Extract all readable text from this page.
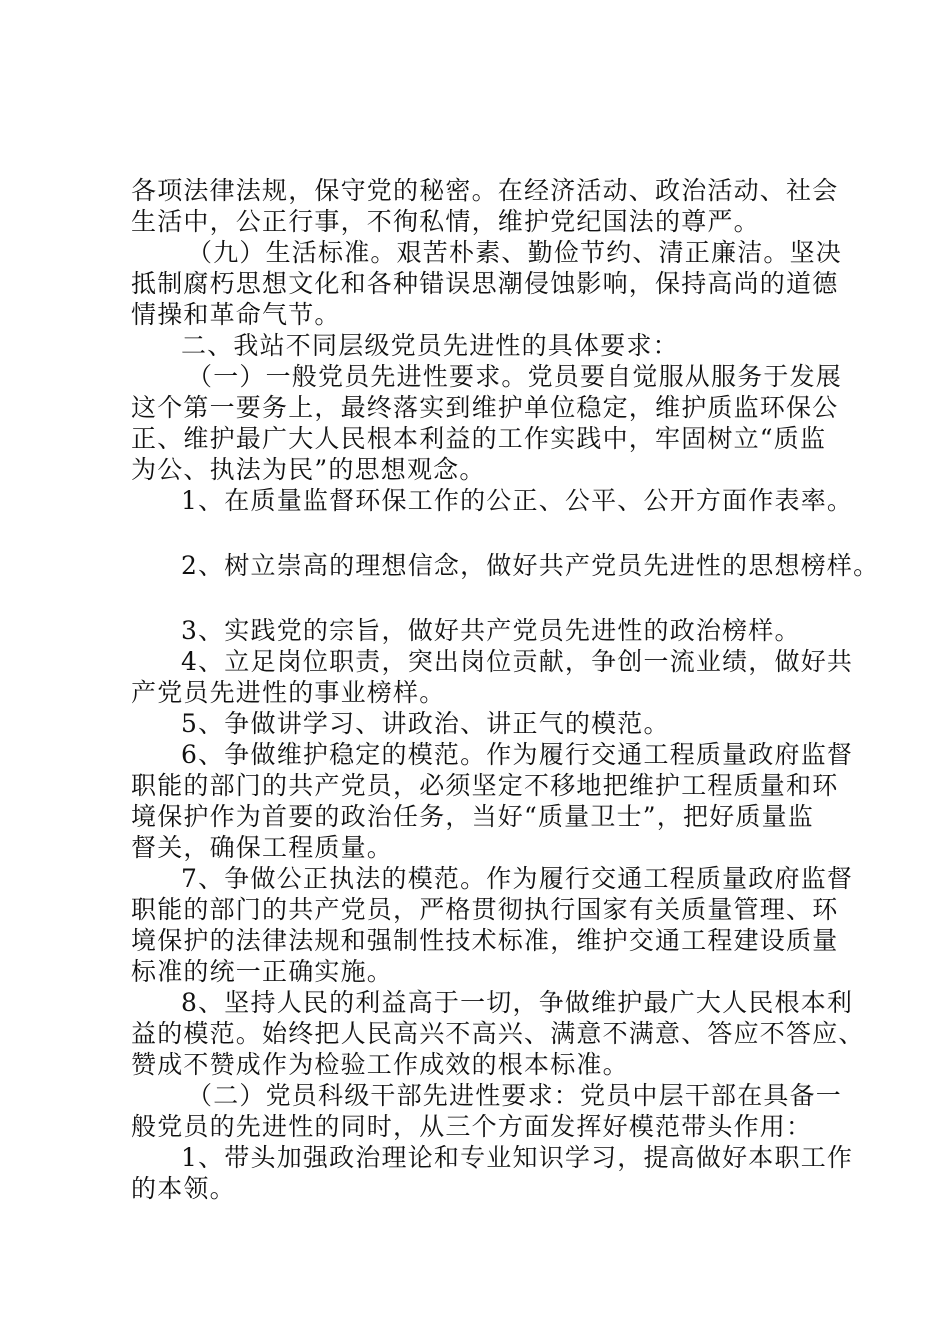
各项法律法规，保守党的秘密。在经济活动、政治活动、社会
生活中，公正行事，不徇私情，维护党纪国法的尊严。
（九）生活标准。艰苦朴素、勤俭节约、清正廉洁。坚决
抵制腐朽思想文化和各种错误思潮侵蚀影响，保持高尚的道德
情操和革命气节。
二、我站不同层级党员先进性的具体要求：
（一）一般党员先进性要求。党员要自觉服从服务于发展
这个第一要务上，最终落实到维护单位稳定，维护质监环保公
正、维护最广大人民根本利益的工作实践中，牢固树立“质监
为公、执法为民”的思想观念。
1、在质量监督环保工作的公正、公平、公开方面作表率。
2、树立崇高的理想信念，做好共产党员先进性的思想榜样。
3、实践党的宗旨，做好共产党员先进性的政治榜样。
4、立足岗位职责，突出岗位贡献，争创一流业绩，做好共
产党员先进性的事业榜样。
5、争做讲学习、讲政治、讲正气的模范。
6、争做维护稳定的模范。作为履行交通工程质量政府监督
职能的部门的共产党员，必须坚定不移地把维护工程质量和环
境保护作为首要的政治任务，当好“质量卫士”，把好质量监
督关，确保工程质量。
7、争做公正执法的模范。作为履行交通工程质量政府监督
职能的部门的共产党员，严格贯彻执行国家有关质量管理、环
境保护的法律法规和强制性技术标准，维护交通工程建设质量
标准的统一正确实施。
8、坚持人民的利益高于一切，争做维护最广大人民根本利
益的模范。始终把人民高兴不高兴、满意不满意、答应不答应、
赞成不赞成作为检验工作成效的根本标准。
（二）党员科级干部先进性要求：党员中层干部在具备一
般党员的先进性的同时，从三个方面发挥好模范带头作用：
1、带头加强政治理论和专业知识学习，提高做好本职工作
的本领。
